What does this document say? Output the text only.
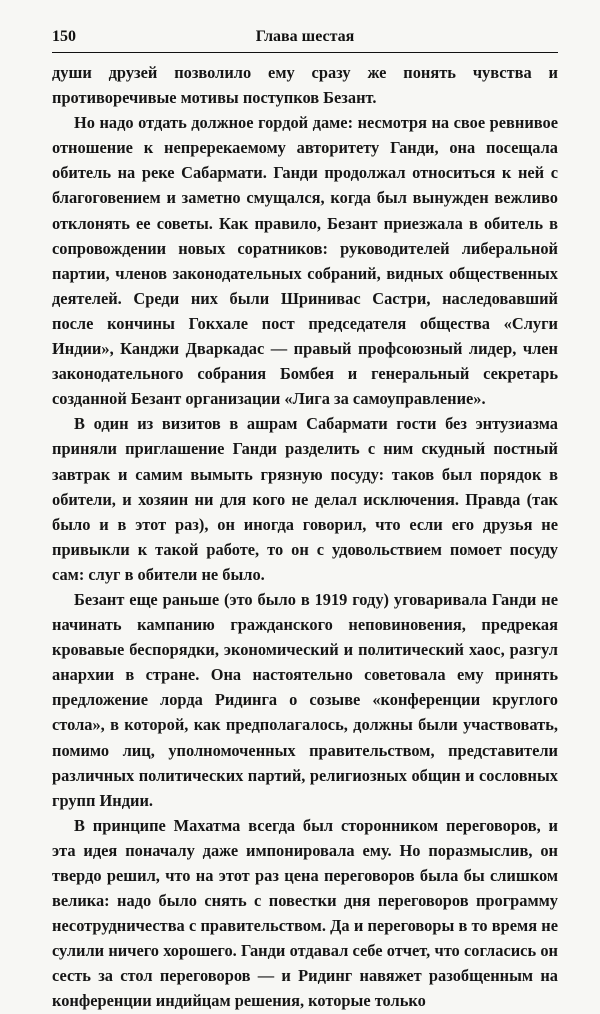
150	Глава шестая

души друзей позволило ему сразу же понять чувства и противоречивые мотивы поступков Безант.

Но надо отдать должное гордой даме: несмотря на свое ревнивое отношение к непререкаемому авторитету Ганди, она посещала обитель на реке Сабармати. Ганди продолжал относиться к ней с благоговением и заметно смущался, когда был вынужден вежливо отклонять ее советы. Как правило, Безант приезжала в обитель в сопровождении новых соратников: руководителей либеральной партии, членов законодательных собраний, видных общественных деятелей. Среди них были Шринивас Састри, наследовавший после кончины Гокхале пост председателя общества «Слуги Индии», Канджи Дваркадас — правый профсоюзный лидер, член законодательного собрания Бомбея и генеральный секретарь созданной Безант организации «Лига за самоуправление».

В один из визитов в ашрам Сабармати гости без энтузиазма приняли приглашение Ганди разделить с ним скудный постный завтрак и самим вымыть грязную посуду: таков был порядок в обители, и хозяин ни для кого не делал исключения. Правда (так было и в этот раз), он иногда говорил, что если его друзья не привыкли к такой работе, то он с удовольствием помоет посуду сам: слуг в обители не было.

Безант еще раньше (это было в 1919 году) уговаривала Ганди не начинать кампанию гражданского неповиновения, предрекая кровавые беспорядки, экономический и политический хаос, разгул анархии в стране. Она настоятельно советовала ему принять предложение лорда Ридинга о созыве «конференции круглого стола», в которой, как предполагалось, должны были участвовать, помимо лиц, уполномоченных правительством, представители различных политических партий, религиозных общин и сословных групп Индии.

В принципе Махатма всегда был сторонником переговоров, и эта идея поначалу даже импонировала ему. Но поразмыслив, он твердо решил, что на этот раз цена переговоров была бы слишком велика: надо было снять с повестки дня переговоров программу несотрудничества с правительством. Да и переговоры в то время не сулили ничего хорошего. Ганди отдавал себе отчет, что согласись он сесть за стол переговоров — и Ридинг навяжет разобщенным на конференции индийцам решения, которые только
